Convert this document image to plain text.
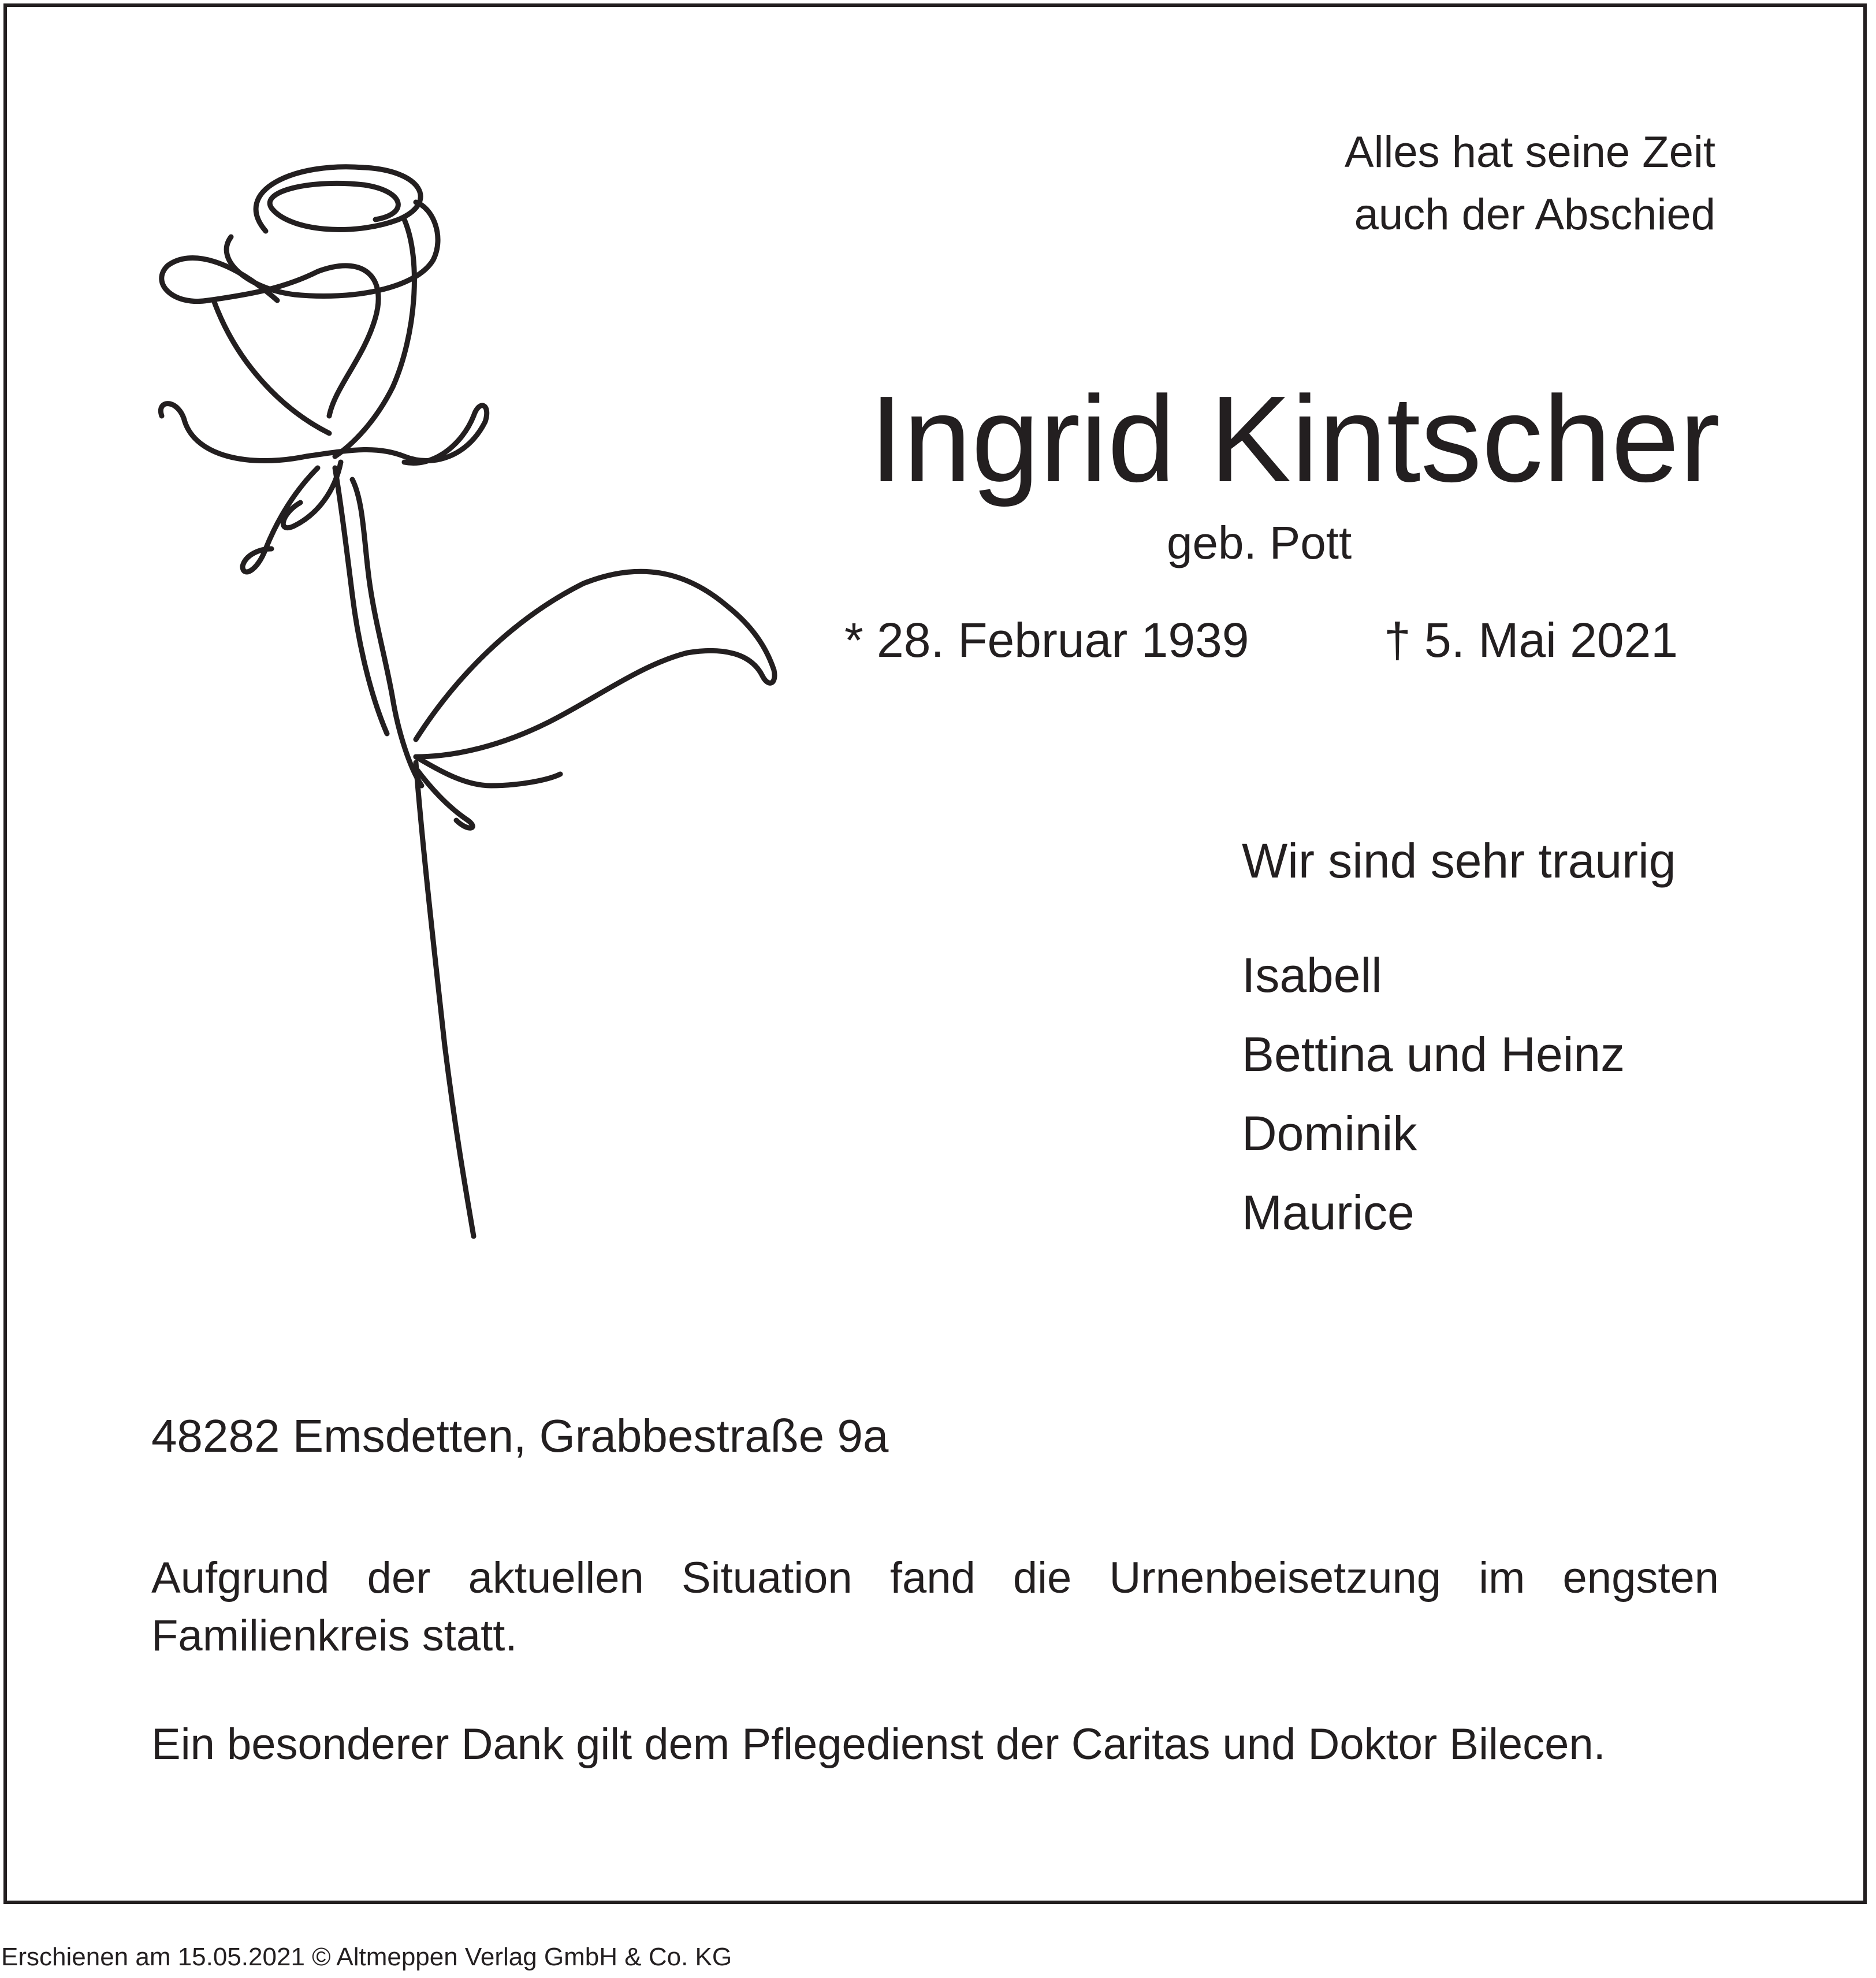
Alles hat seine Zeit
auch der Abschied
Ingrid Kintscher
geb. Pott
* 28. Februar 1939	† 5. Mai 2021
Wir sind sehr traurig
Isabell
Bettina und Heinz
Dominik
Maurice
48282 Emsdetten, Grabbestraße 9a

Aufgrund der aktuellen Situation fand die Urnenbeisetzung im engsten Familienkreis statt.

Ein besonderer Dank gilt dem Pflegedienst der Caritas und Doktor Bilecen.

Erschienen am 15.05.2021 © Altmeppen Verlag GmbH & Co. KG
